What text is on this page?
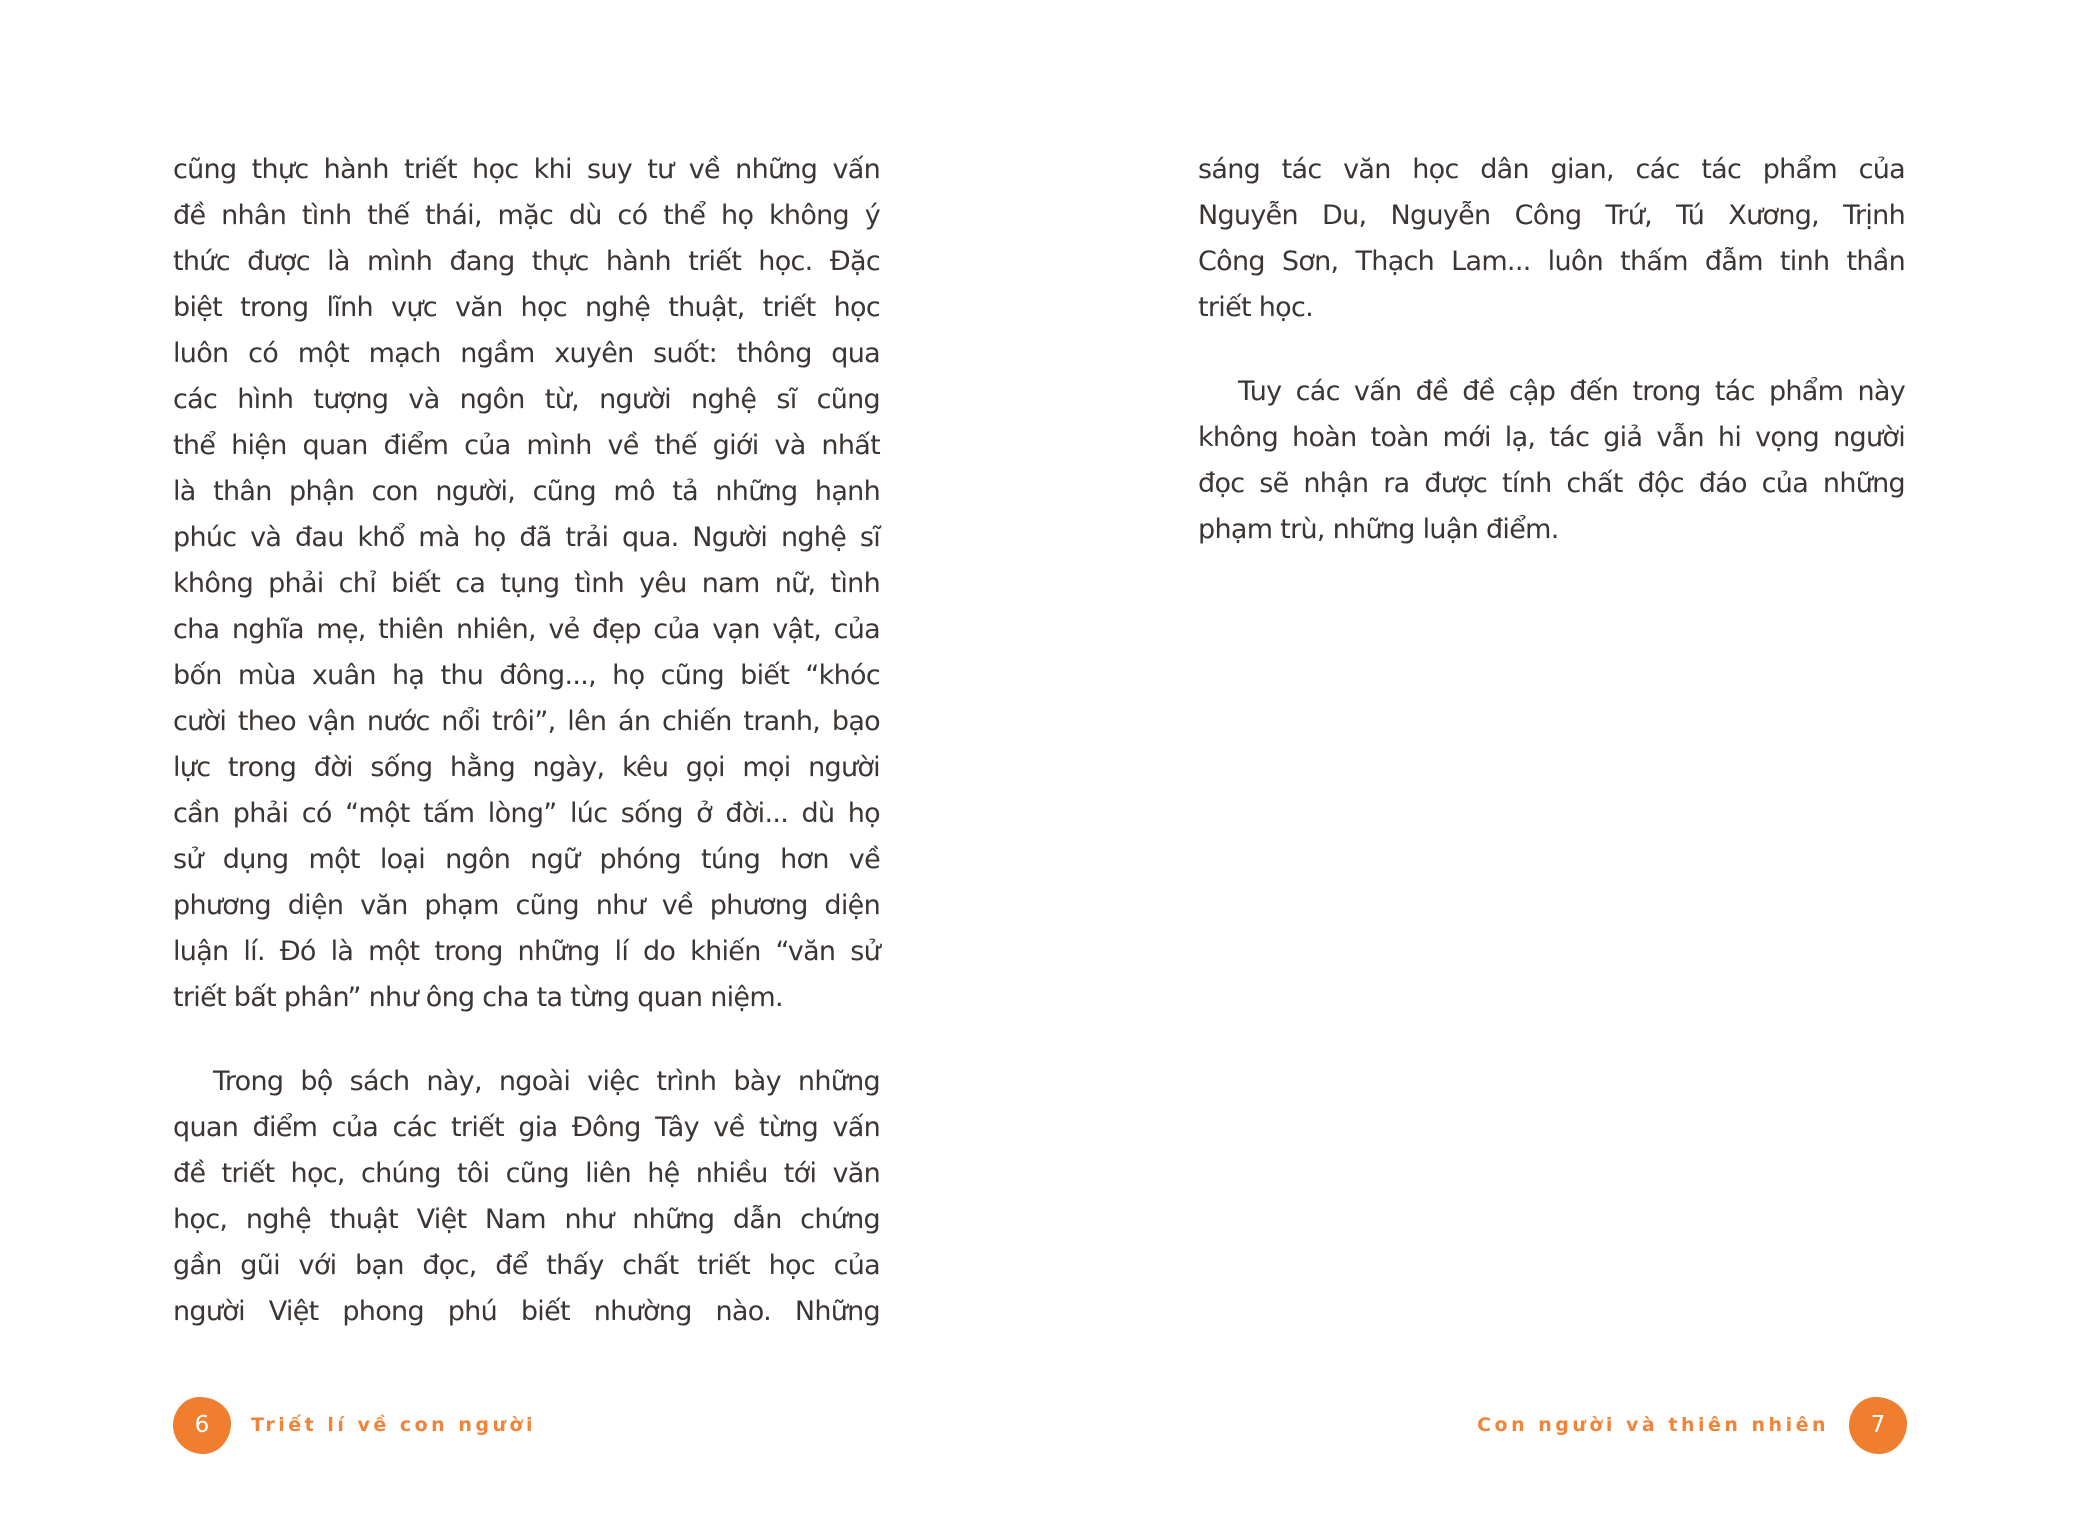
cũng thực hành triết học khi suy tư về những vấn
đề nhân tình thế thái, mặc dù có thể họ không ý
thức được là mình đang thực hành triết học. Đặc
biệt trong lĩnh vực văn học nghệ thuật, triết học
luôn có một mạch ngầm xuyên suốt: thông qua
các hình tượng và ngôn từ, người nghệ sĩ cũng
thể hiện quan điểm của mình về thế giới và nhất
là thân phận con người, cũng mô tả những hạnh
phúc và đau khổ mà họ đã trải qua. Người nghệ sĩ
không phải chỉ biết ca tụng tình yêu nam nữ, tình
cha nghĩa mẹ, thiên nhiên, vẻ đẹp của vạn vật, của
bốn mùa xuân hạ thu đông..., họ cũng biết “khóc
cười theo vận nước nổi trôi”, lên án chiến tranh, bạo
lực trong đời sống hằng ngày, kêu gọi mọi người
cần phải có “một tấm lòng” lúc sống ở đời... dù họ
sử dụng một loại ngôn ngữ phóng túng hơn về
phương diện văn phạm cũng như về phương diện
luận lí. Đó là một trong những lí do khiến “văn sử
triết bất phân” như ông cha ta từng quan niệm.
Trong bộ sách này, ngoài việc trình bày những
quan điểm của các triết gia Đông Tây về từng vấn
đề triết học, chúng tôi cũng liên hệ nhiều tới văn
học, nghệ thuật Việt Nam như những dẫn chứng
gần gũi với bạn đọc, để thấy chất triết học của
người Việt phong phú biết nhường nào. Những
6	Triết lí về con người
sáng tác văn học dân gian, các tác phẩm của
Nguyễn Du, Nguyễn Công Trứ, Tú Xương, Trịnh
Công Sơn, Thạch Lam... luôn thấm đẫm tinh thần
triết học.
Tuy các vấn đề đề cập đến trong tác phẩm này
không hoàn toàn mới lạ, tác giả vẫn hi vọng người
đọc sẽ nhận ra được tính chất độc đáo của những
phạm trù, những luận điểm.
Con người và thiên nhiên	7
